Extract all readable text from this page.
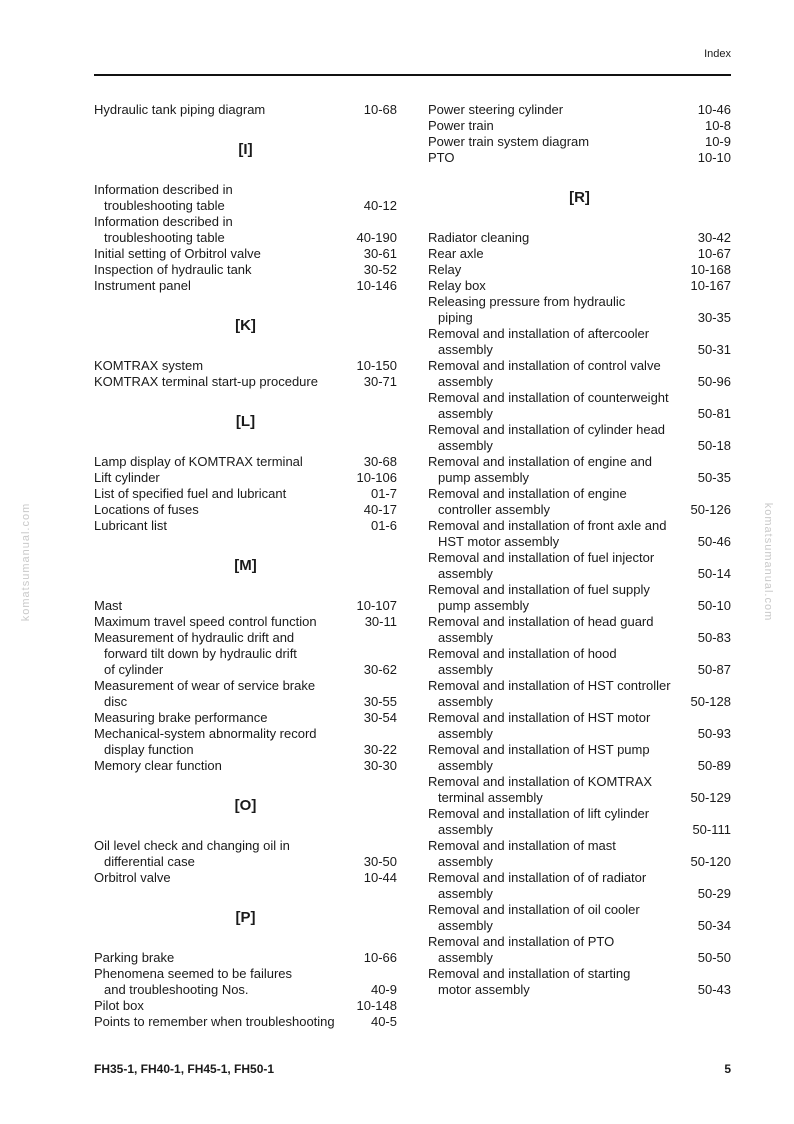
Index
komatsumanual.com	komatsumanual.com
Hydraulic tank piping diagram	10-68
[I]
Information described in
troubleshooting table	40-12
Information described in
troubleshooting table	40-190
Initial setting of Orbitrol valve	30-61
Inspection of hydraulic tank	30-52
Instrument panel	10-146
[K]
KOMTRAX system	10-150
KOMTRAX terminal start-up procedure	30-71
[L]
Lamp display of KOMTRAX terminal	30-68
Lift cylinder	10-106
List of specified fuel and lubricant	01-7
Locations of fuses	40-17
Lubricant list	01-6
[M]
Mast	10-107
Maximum travel speed control function	30-11
Measurement of hydraulic drift and
forward tilt down by hydraulic drift
of cylinder	30-62
Measurement of wear of service brake
disc	30-55
Measuring brake performance	30-54
Mechanical-system abnormality record
display function	30-22
Memory clear function	30-30
[O]
Oil level check and changing oil in
differential case	30-50
Orbitrol valve	10-44
[P]
Parking brake	10-66
Phenomena seemed to be failures
and troubleshooting Nos.	40-9
Pilot box	10-148
Points to remember when troubleshooting	40-5
Power steering cylinder	10-46
Power train	10-8
Power train system diagram	10-9
PTO	10-10
[R]
Radiator cleaning	30-42
Rear axle	10-67
Relay	10-168
Relay box	10-167
Releasing pressure from hydraulic
piping	30-35
Removal and installation of aftercooler
assembly	50-31
Removal and installation of control valve
assembly	50-96
Removal and installation of counterweight
assembly	50-81
Removal and installation of cylinder head
assembly	50-18
Removal and installation of engine and
pump assembly	50-35
Removal and installation of engine
controller assembly	50-126
Removal and installation of front axle and
HST motor assembly	50-46
Removal and installation of fuel injector
assembly	50-14
Removal and installation of fuel supply
pump assembly	50-10
Removal and installation of head guard
assembly	50-83
Removal and installation of hood
assembly	50-87
Removal and installation of HST controller
assembly	50-128
Removal and installation of HST motor
assembly	50-93
Removal and installation of HST pump
assembly	50-89
Removal and installation of KOMTRAX
terminal assembly	50-129
Removal and installation of lift cylinder
assembly	50-111
Removal and installation of mast
assembly	50-120
Removal and installation of of radiator
assembly	50-29
Removal and installation of oil cooler
assembly	50-34
Removal and installation of PTO
assembly	50-50
Removal and installation of starting
motor assembly	50-43
FH35-1, FH40-1, FH45-1, FH50-1	5
